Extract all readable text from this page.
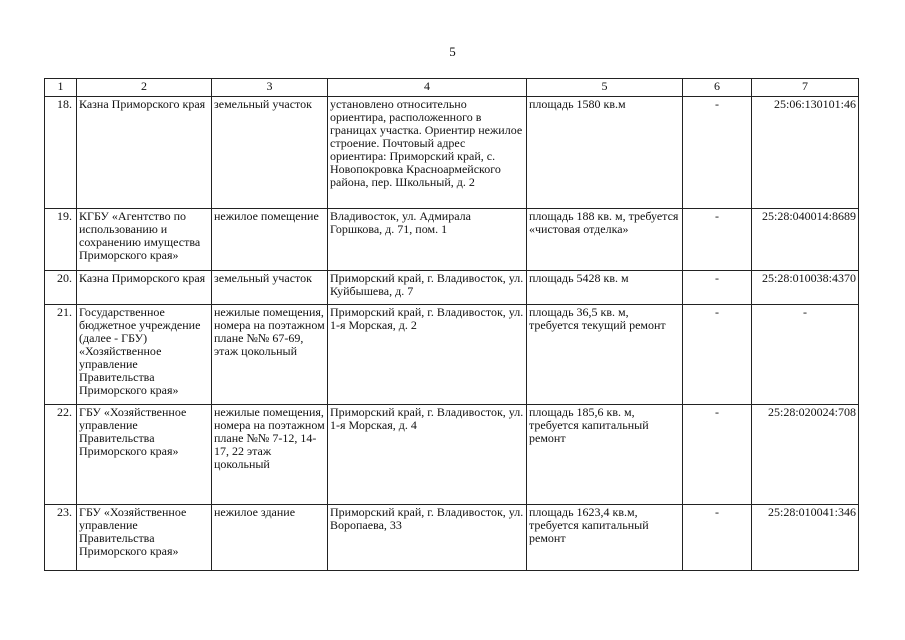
5
1	2	3	4	5	6	7
18.	Казна Приморского края	земельный участок	установлено относительно ориентира, расположенного в границах участка. Ориентир нежилое строение. Почтовый адрес ориентира: Приморский край, с. Новопокровка Красноармейского района, пер. Школьный, д. 2	площадь 1580 кв.м	-	25:06:130101:46
19.	КГБУ «Агентство по использованию и сохранению имущества Приморского края»	нежилое помещение	Владивосток, ул. Адмирала Горшкова, д. 71, пом. 1	площадь 188 кв. м, требуется «чистовая отделка»	-	25:28:040014:8689
20.	Казна Приморского края	земельный участок	Приморский край, г. Владивосток, ул. Куйбышева, д. 7	площадь 5428 кв. м	-	25:28:010038:4370
21.	Государственное бюджетное учреждение (далее - ГБУ) «Хозяйственное управление Правительства Приморского края»	нежилые помещения, номера на поэтажном плане №№ 67-69, этаж цокольный	Приморский край, г. Владивосток, ул. 1-я Морская, д. 2	площадь 36,5 кв. м, требуется текущий ремонт	-	-
22.	ГБУ «Хозяйственное управление Правительства Приморского края»	нежилые помещения, номера на поэтажном плане №№ 7-12, 14-17, 22 этаж цокольный	Приморский край, г. Владивосток, ул. 1-я Морская, д. 4	площадь 185,6 кв. м, требуется капитальный ремонт	-	25:28:020024:708
23.	ГБУ «Хозяйственное управление Правительства Приморского края»	нежилое здание	Приморский край, г. Владивосток, ул. Воропаева, 33	площадь 1623,4 кв.м, требуется капитальный ремонт	-	25:28:010041:346
